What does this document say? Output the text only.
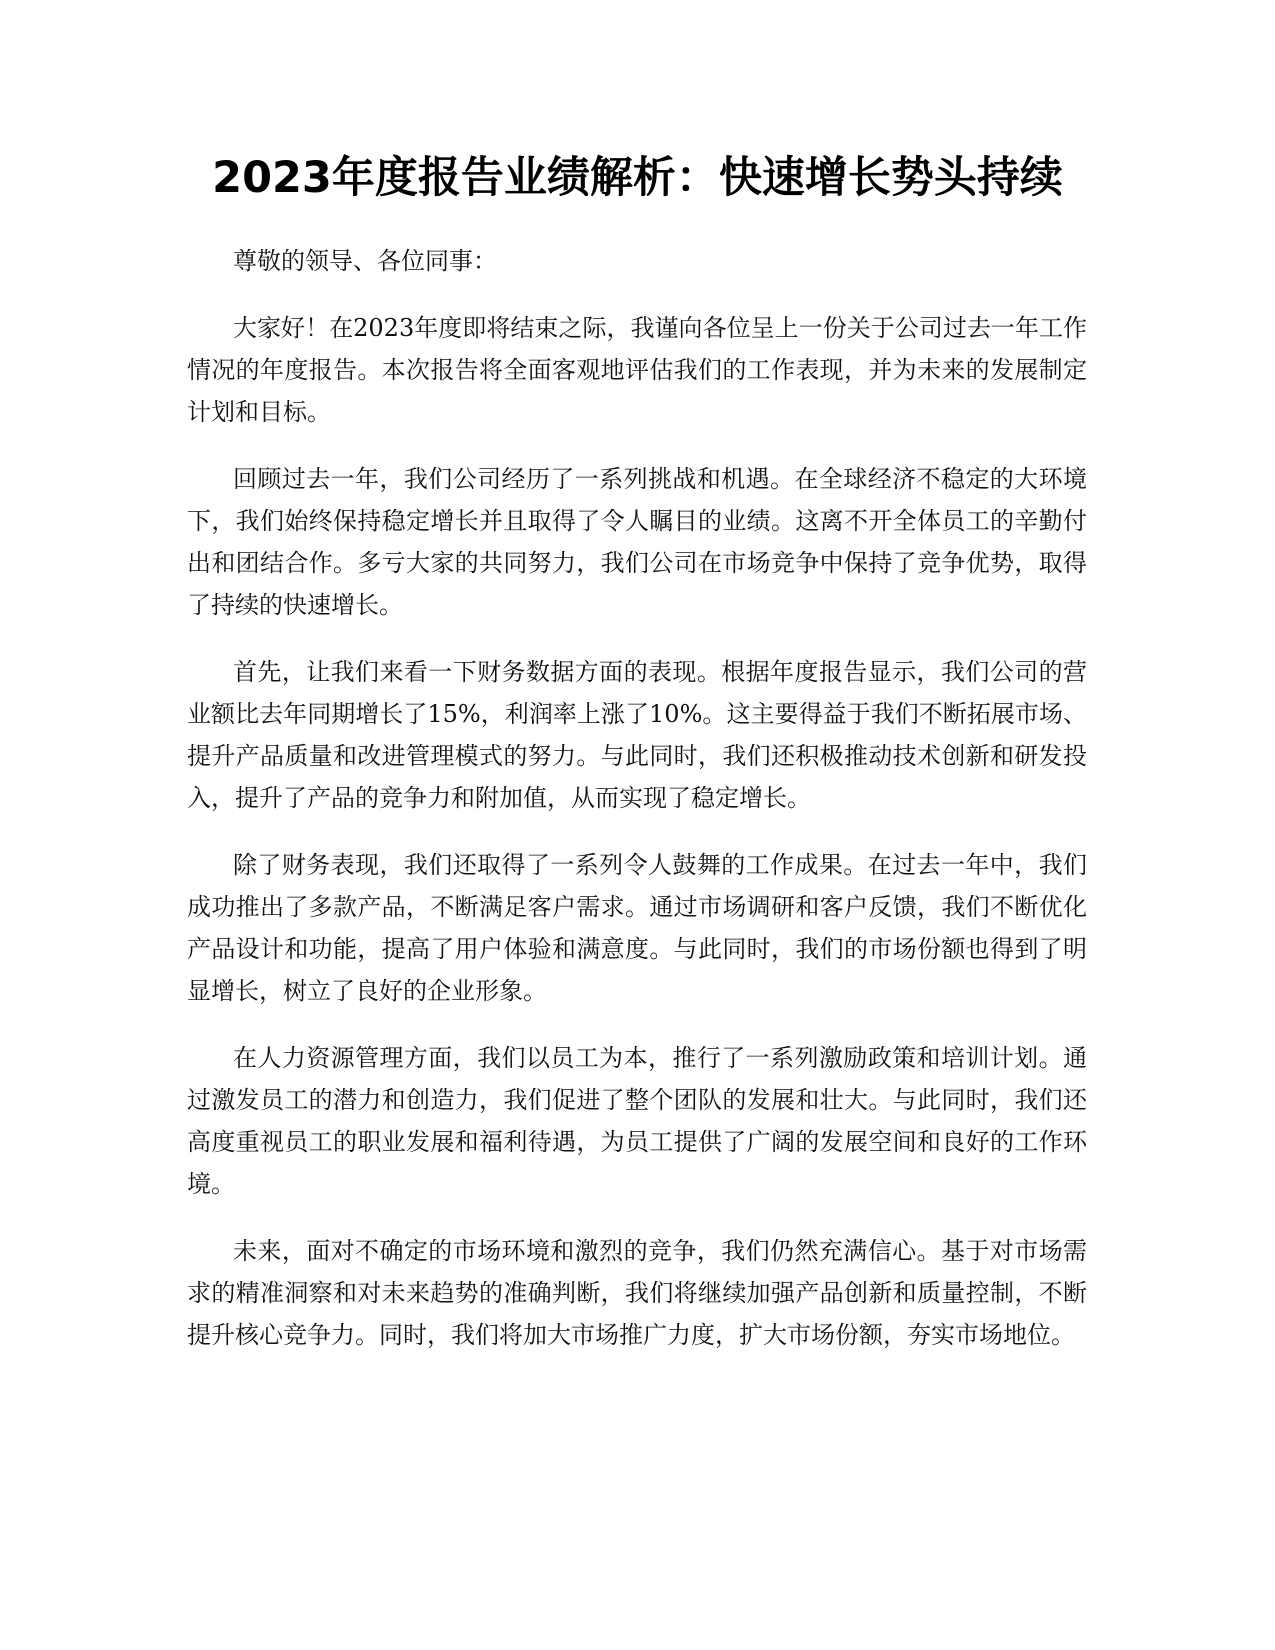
2023年度报告业绩解析：快速增长势头持续

尊敬的领导、各位同事：

大家好！在2023年度即将结束之际，我谨向各位呈上一份关于公司过去一年工作情况的年度报告。本次报告将全面客观地评估我们的工作表现，并为未来的发展制定计划和目标。

回顾过去一年，我们公司经历了一系列挑战和机遇。在全球经济不稳定的大环境下，我们始终保持稳定增长并且取得了令人瞩目的业绩。这离不开全体员工的辛勤付出和团结合作。多亏大家的共同努力，我们公司在市场竞争中保持了竞争优势，取得了持续的快速增长。

首先，让我们来看一下财务数据方面的表现。根据年度报告显示，我们公司的营业额比去年同期增长了15%，利润率上涨了10%。这主要得益于我们不断拓展市场、提升产品质量和改进管理模式的努力。与此同时，我们还积极推动技术创新和研发投入，提升了产品的竞争力和附加值，从而实现了稳定增长。

除了财务表现，我们还取得了一系列令人鼓舞的工作成果。在过去一年中，我们成功推出了多款产品，不断满足客户需求。通过市场调研和客户反馈，我们不断优化产品设计和功能，提高了用户体验和满意度。与此同时，我们的市场份额也得到了明显增长，树立了良好的企业形象。

在人力资源管理方面，我们以员工为本，推行了一系列激励政策和培训计划。通过激发员工的潜力和创造力，我们促进了整个团队的发展和壮大。与此同时，我们还高度重视员工的职业发展和福利待遇，为员工提供了广阔的发展空间和良好的工作环境。

未来，面对不确定的市场环境和激烈的竞争，我们仍然充满信心。基于对市场需求的精准洞察和对未来趋势的准确判断，我们将继续加强产品创新和质量控制，不断提升核心竞争力。同时，我们将加大市场推广力度，扩大市场份额，夯实市场地位。
